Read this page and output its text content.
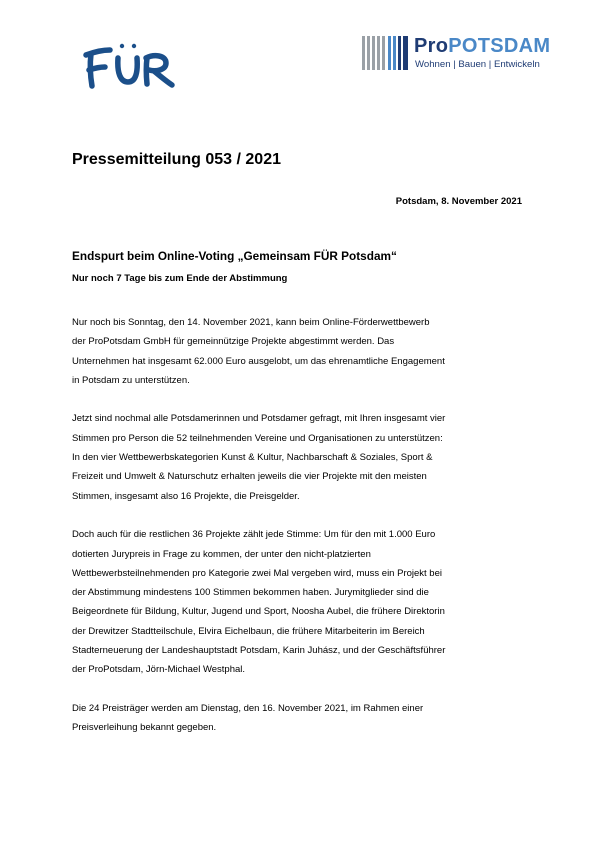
ProPOTSDAM
Wohnen | Bauen | Entwickeln
Pressemitteilung 053 / 2021
Potsdam, 8. November 2021
Endspurt beim Online-Voting „Gemeinsam FÜR Potsdam“
Nur noch 7 Tage bis zum Ende der Abstimmung

Nur noch bis Sonntag, den 14. November 2021, kann beim Online-Förderwettbewerb
der ProPotsdam GmbH für gemeinnützige Projekte abgestimmt werden. Das
Unternehmen hat insgesamt 62.000 Euro ausgelobt, um das ehrenamtliche Engagement
in Potsdam zu unterstützen.

Jetzt sind nochmal alle Potsdamerinnen und Potsdamer gefragt, mit Ihren insgesamt vier
Stimmen pro Person die 52 teilnehmenden Vereine und Organisationen zu unterstützen:
In den vier Wettbewerbskategorien Kunst & Kultur, Nachbarschaft & Soziales, Sport &
Freizeit und Umwelt & Naturschutz erhalten jeweils die vier Projekte mit den meisten
Stimmen, insgesamt also 16 Projekte, die Preisgelder.

Doch auch für die restlichen 36 Projekte zählt jede Stimme: Um für den mit 1.000 Euro
dotierten Jurypreis in Frage zu kommen, der unter den nicht-platzierten
Wettbewerbsteilnehmenden pro Kategorie zwei Mal vergeben wird, muss ein Projekt bei
der Abstimmung mindestens 100 Stimmen bekommen haben. Jurymitglieder sind die
Beigeordnete für Bildung, Kultur, Jugend und Sport, Noosha Aubel, die frühere Direktorin
der Drewitzer Stadtteilschule, Elvira Eichelbaun, die frühere Mitarbeiterin im Bereich
Stadterneuerung der Landeshauptstadt Potsdam, Karin Juhász, und der Geschäftsführer
der ProPotsdam, Jörn-Michael Westphal.

Die 24 Preisträger werden am Dienstag, den 16. November 2021, im Rahmen einer
Preisverleihung bekannt gegeben.
